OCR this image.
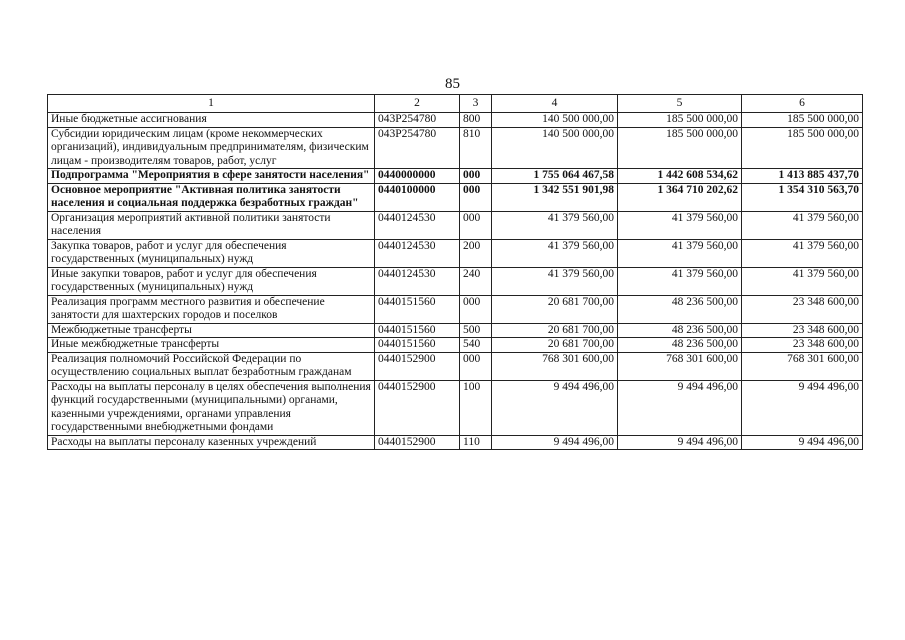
85
1	2	3	4	5	6
Иные бюджетные ассигнования	043P254780	800	140 500 000,00	185 500 000,00	185 500 000,00
Субсидии юридическим лицам (кроме некоммерческих организаций), индивидуальным предпринимателям, физическим лицам - производителям товаров, работ, услуг	043P254780	810	140 500 000,00	185 500 000,00	185 500 000,00
Подпрограмма "Мероприятия в сфере занятости населения"	0440000000	000	1 755 064 467,58	1 442 608 534,62	1 413 885 437,70
Основное мероприятие "Активная политика занятости населения и социальная поддержка безработных граждан"	0440100000	000	1 342 551 901,98	1 364 710 202,62	1 354 310 563,70
Организация мероприятий активной политики занятости населения	0440124530	000	41 379 560,00	41 379 560,00	41 379 560,00
Закупка товаров, работ и услуг для обеспечения государственных (муниципальных) нужд	0440124530	200	41 379 560,00	41 379 560,00	41 379 560,00
Иные закупки товаров, работ и услуг для обеспечения государственных (муниципальных) нужд	0440124530	240	41 379 560,00	41 379 560,00	41 379 560,00
Реализация программ местного развития и обеспечение занятости для шахтерских городов и поселков	0440151560	000	20 681 700,00	48 236 500,00	23 348 600,00
Межбюджетные трансферты	0440151560	500	20 681 700,00	48 236 500,00	23 348 600,00
Иные межбюджетные трансферты	0440151560	540	20 681 700,00	48 236 500,00	23 348 600,00
Реализация полномочий Российской Федерации по осуществлению социальных выплат безработным гражданам	0440152900	000	768 301 600,00	768 301 600,00	768 301 600,00
Расходы на выплаты персоналу в целях обеспечения выполнения функций государственными (муниципальными) органами, казенными учреждениями, органами управления государственными внебюджетными фондами	0440152900	100	9 494 496,00	9 494 496,00	9 494 496,00
Расходы на выплаты персоналу казенных учреждений	0440152900	110	9 494 496,00	9 494 496,00	9 494 496,00
